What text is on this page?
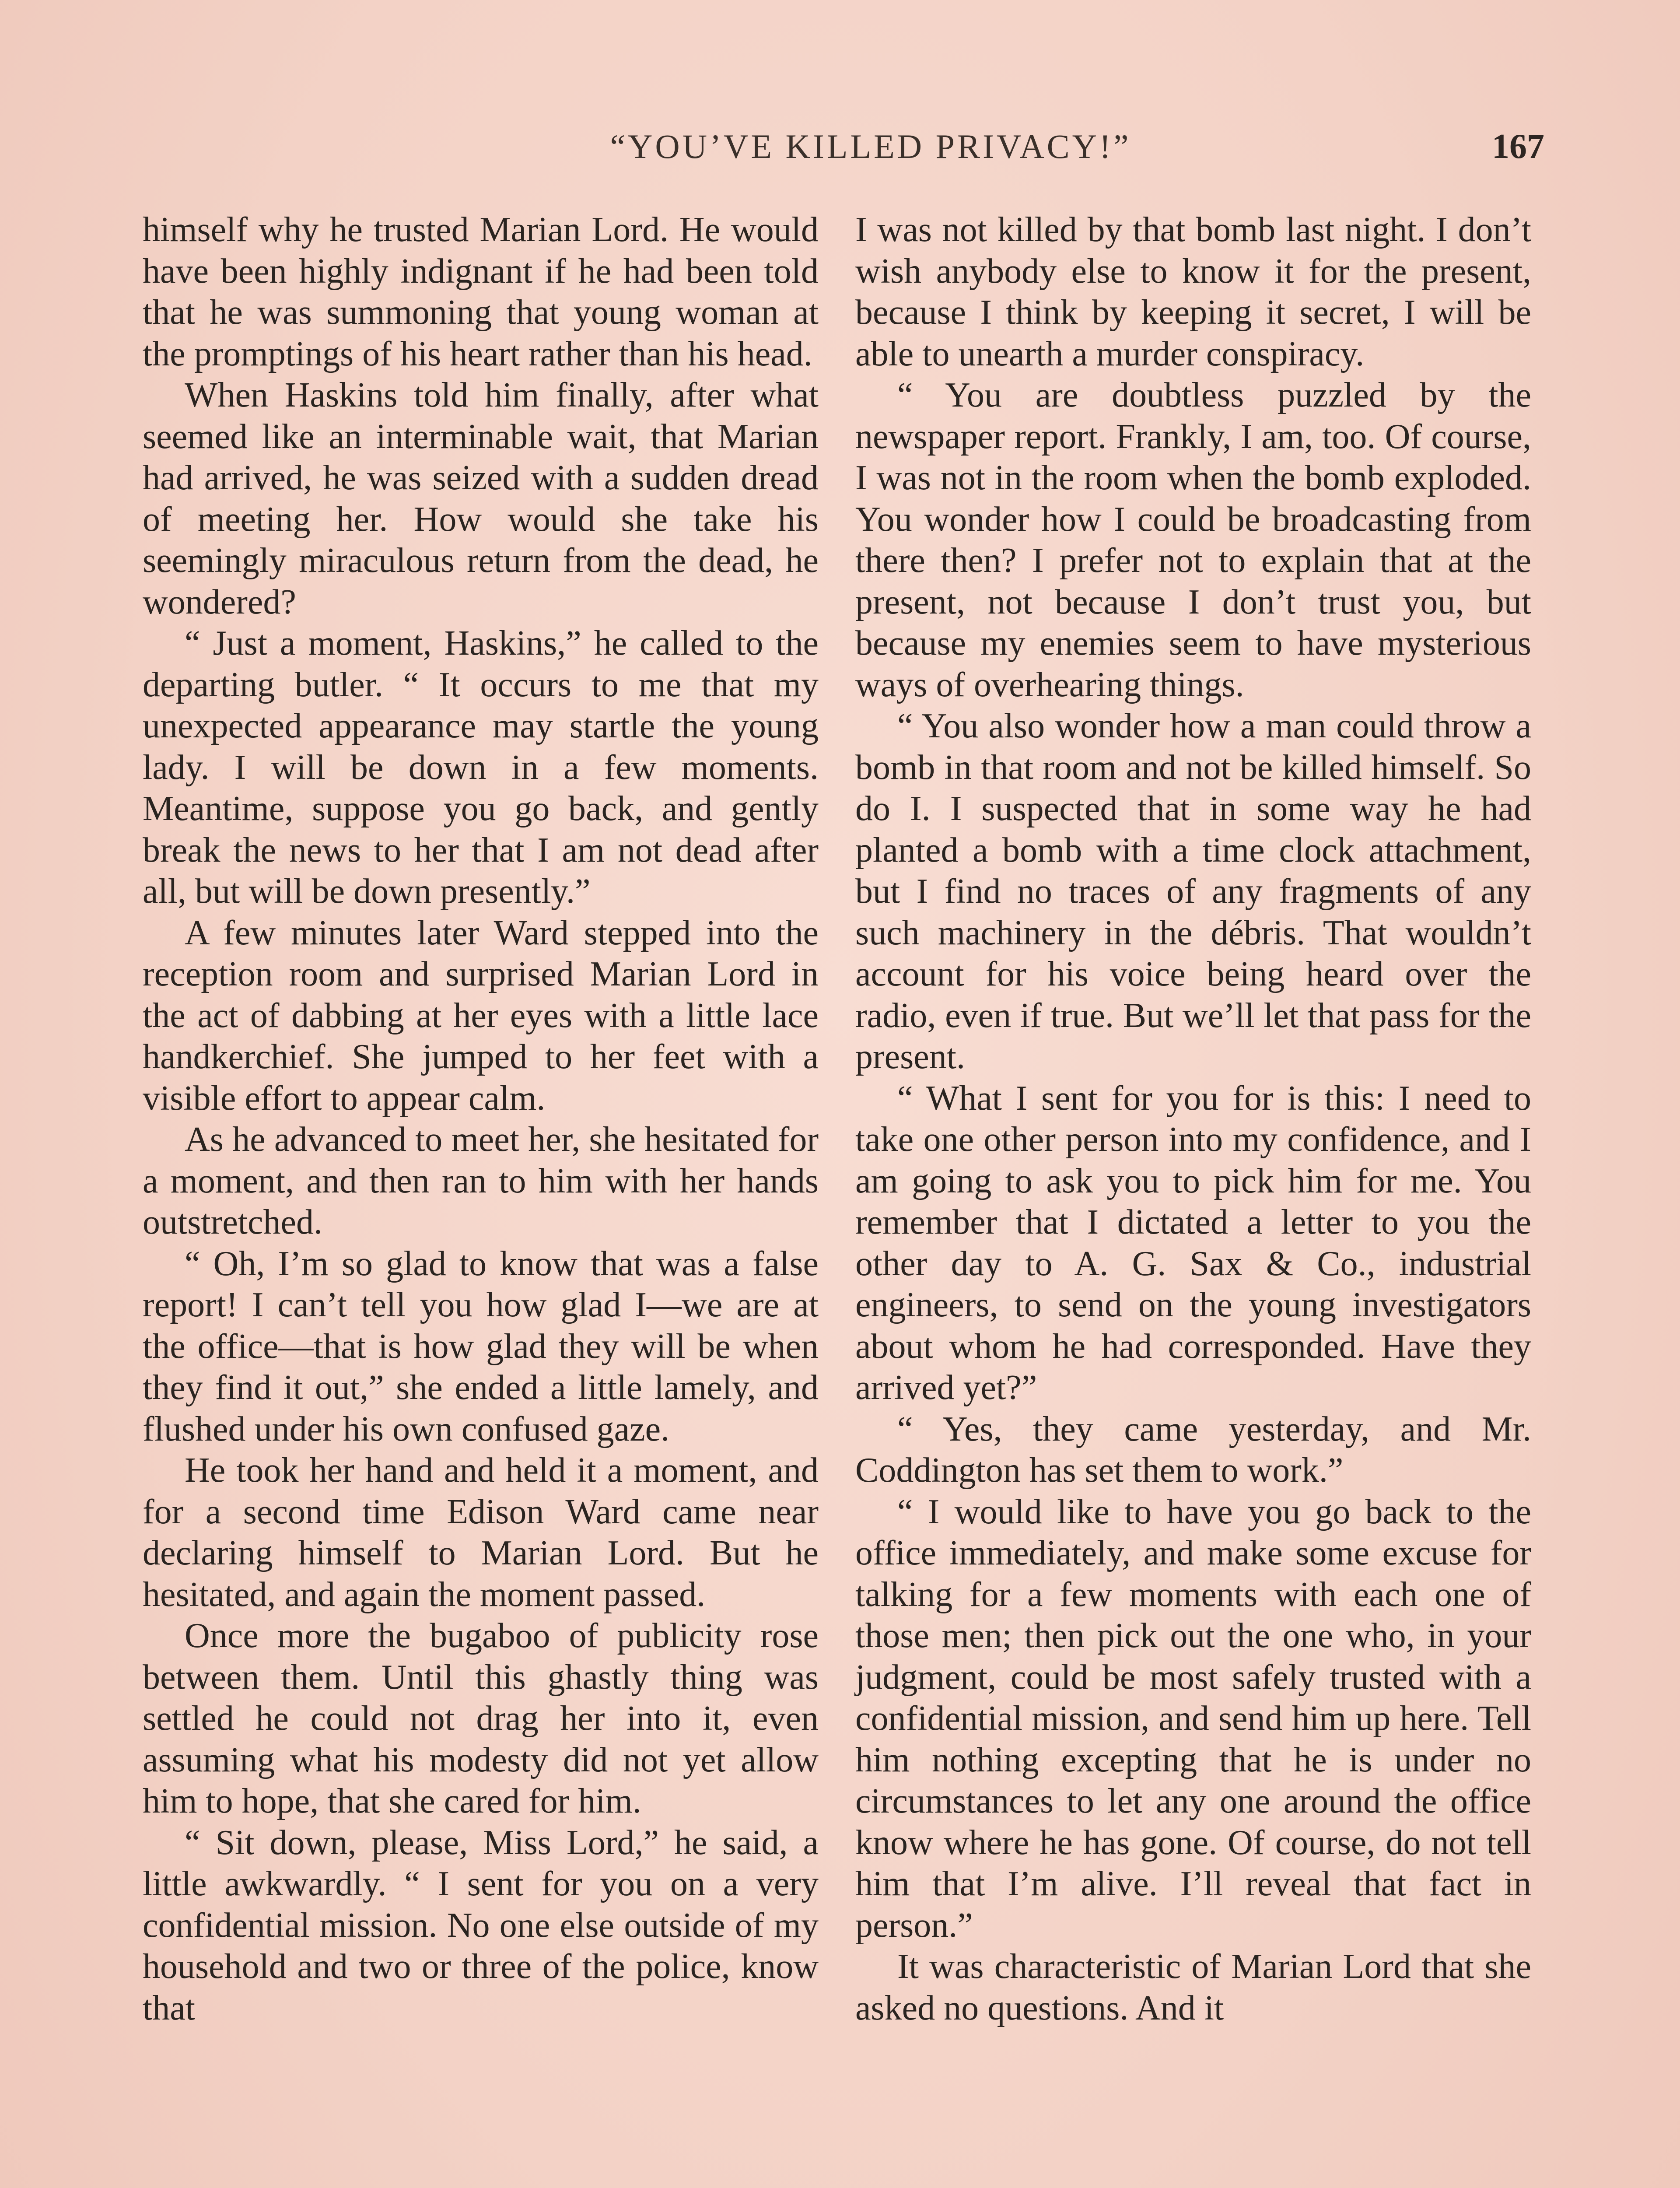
“YOU’VE KILLED PRIVACY!”	167

himself why he trusted Marian Lord. He would have been highly indignant if he had been told that he was summoning that young woman at the promptings of his heart rather than his head.

When Haskins told him finally, after what seemed like an interminable wait, that Marian had arrived, he was seized with a sudden dread of meeting her. How would she take his seemingly miraculous return from the dead, he wondered?

“ Just a moment, Haskins,” he called to the departing butler. “ It occurs to me that my unexpected appearance may startle the young lady. I will be down in a few moments. Meantime, suppose you go back, and gently break the news to her that I am not dead after all, but will be down presently.”

A few minutes later Ward stepped into the reception room and surprised Marian Lord in the act of dabbing at her eyes with a little lace handkerchief. She jumped to her feet with a visible effort to appear calm.

As he advanced to meet her, she hesitated for a moment, and then ran to him with her hands outstretched.

“ Oh, I’m so glad to know that was a false report! I can’t tell you how glad I—we are at the office—that is how glad they will be when they find it out,” she ended a little lamely, and flushed under his own confused gaze.

He took her hand and held it a moment, and for a second time Edison Ward came near declaring himself to Marian Lord. But he hesitated, and again the moment passed.

Once more the bugaboo of publicity rose between them. Until this ghastly thing was settled he could not drag her into it, even assuming what his modesty did not yet allow him to hope, that she cared for him.

“ Sit down, please, Miss Lord,” he said, a little awkwardly. “ I sent for you on a very confidential mission. No one else outside of my household and two or three of the police, know that

I was not killed by that bomb last night. I don’t wish anybody else to know it for the present, because I think by keeping it secret, I will be able to unearth a murder conspiracy.

“ You are doubtless puzzled by the newspaper report. Frankly, I am, too. Of course, I was not in the room when the bomb exploded. You wonder how I could be broadcasting from there then? I prefer not to explain that at the present, not because I don’t trust you, but because my enemies seem to have mysterious ways of overhearing things.

“ You also wonder how a man could throw a bomb in that room and not be killed himself. So do I. I suspected that in some way he had planted a bomb with a time clock attachment, but I find no traces of any fragments of any such machinery in the débris. That wouldn’t account for his voice being heard over the radio, even if true. But we’ll let that pass for the present.

“ What I sent for you for is this: I need to take one other person into my confidence, and I am going to ask you to pick him for me. You remember that I dictated a letter to you the other day to A. G. Sax & Co., industrial engineers, to send on the young investigators about whom he had corresponded. Have they arrived yet?”

“ Yes, they came yesterday, and Mr. Coddington has set them to work.”

“ I would like to have you go back to the office immediately, and make some excuse for talking for a few moments with each one of those men; then pick out the one who, in your judgment, could be most safely trusted with a confidential mission, and send him up here. Tell him nothing excepting that he is under no circumstances to let any one around the office know where he has gone. Of course, do not tell him that I’m alive. I’ll reveal that fact in person.”

It was characteristic of Marian Lord that she asked no questions. And it
